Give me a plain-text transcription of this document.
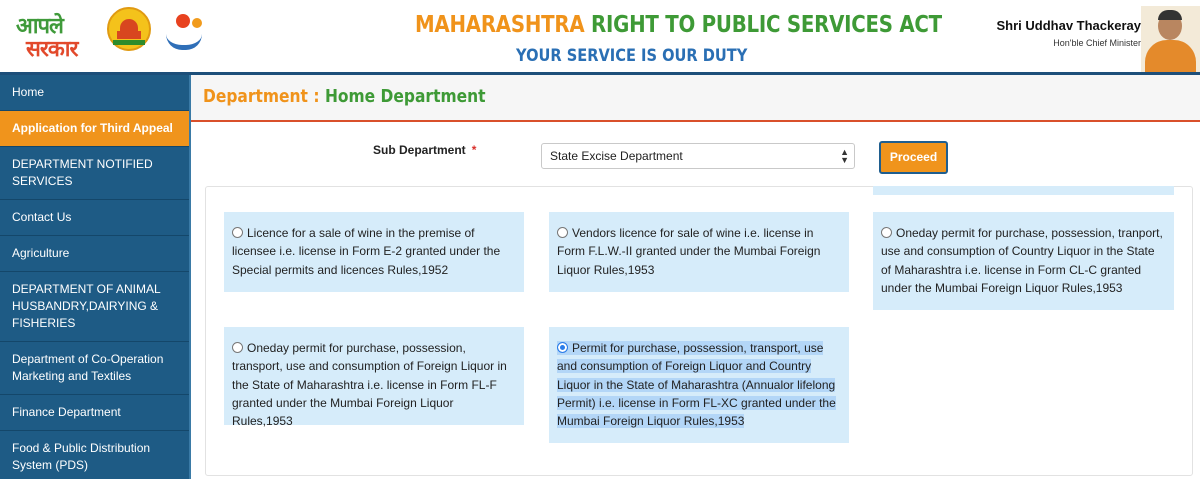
आपले
सरकार
MAHARASHTRA RIGHT TO PUBLIC SERVICES ACT
YOUR SERVICE IS OUR DUTY
Shri Uddhav Thackeray
Hon'ble Chief Minister
Home
Application for Third Appeal
DEPARTMENT NOTIFIED SERVICES
Contact Us
Agriculture
DEPARTMENT OF ANIMAL HUSBANDRY,DAIRYING & FISHERIES
Department of Co-Operation Marketing and Textiles
Finance Department
Food & Public Distribution System (PDS)
Department : Home Department
Sub Department *	State Excise Department	▲
▼	Proceed
Licence for a sale of wine in the premise of licensee i.e. license in Form E-2 granted under the Special permits and licences Rules,1952
Vendors licence for sale of wine i.e. license in Form F.L.W.-II granted under the Mumbai Foreign Liquor Rules,1953
Oneday permit for purchase, possession, tranport, use and consumption of Country Liquor in the State of Maharashtra i.e. license in Form CL-C granted under the Mumbai Foreign Liquor Rules,1953
Oneday permit for purchase, possession, transport, use and consumption of Foreign Liquor in the State of Maharashtra i.e. license in Form FL-F granted under the Mumbai Foreign Liquor Rules,1953
Permit for purchase, possession, transport, use and consumption of Foreign Liquor and Country Liquor in the State of Maharashtra (Annualor lifelong Permit) i.e. license in Form FL-XC granted under the Mumbai Foreign Liquor Rules,1953
